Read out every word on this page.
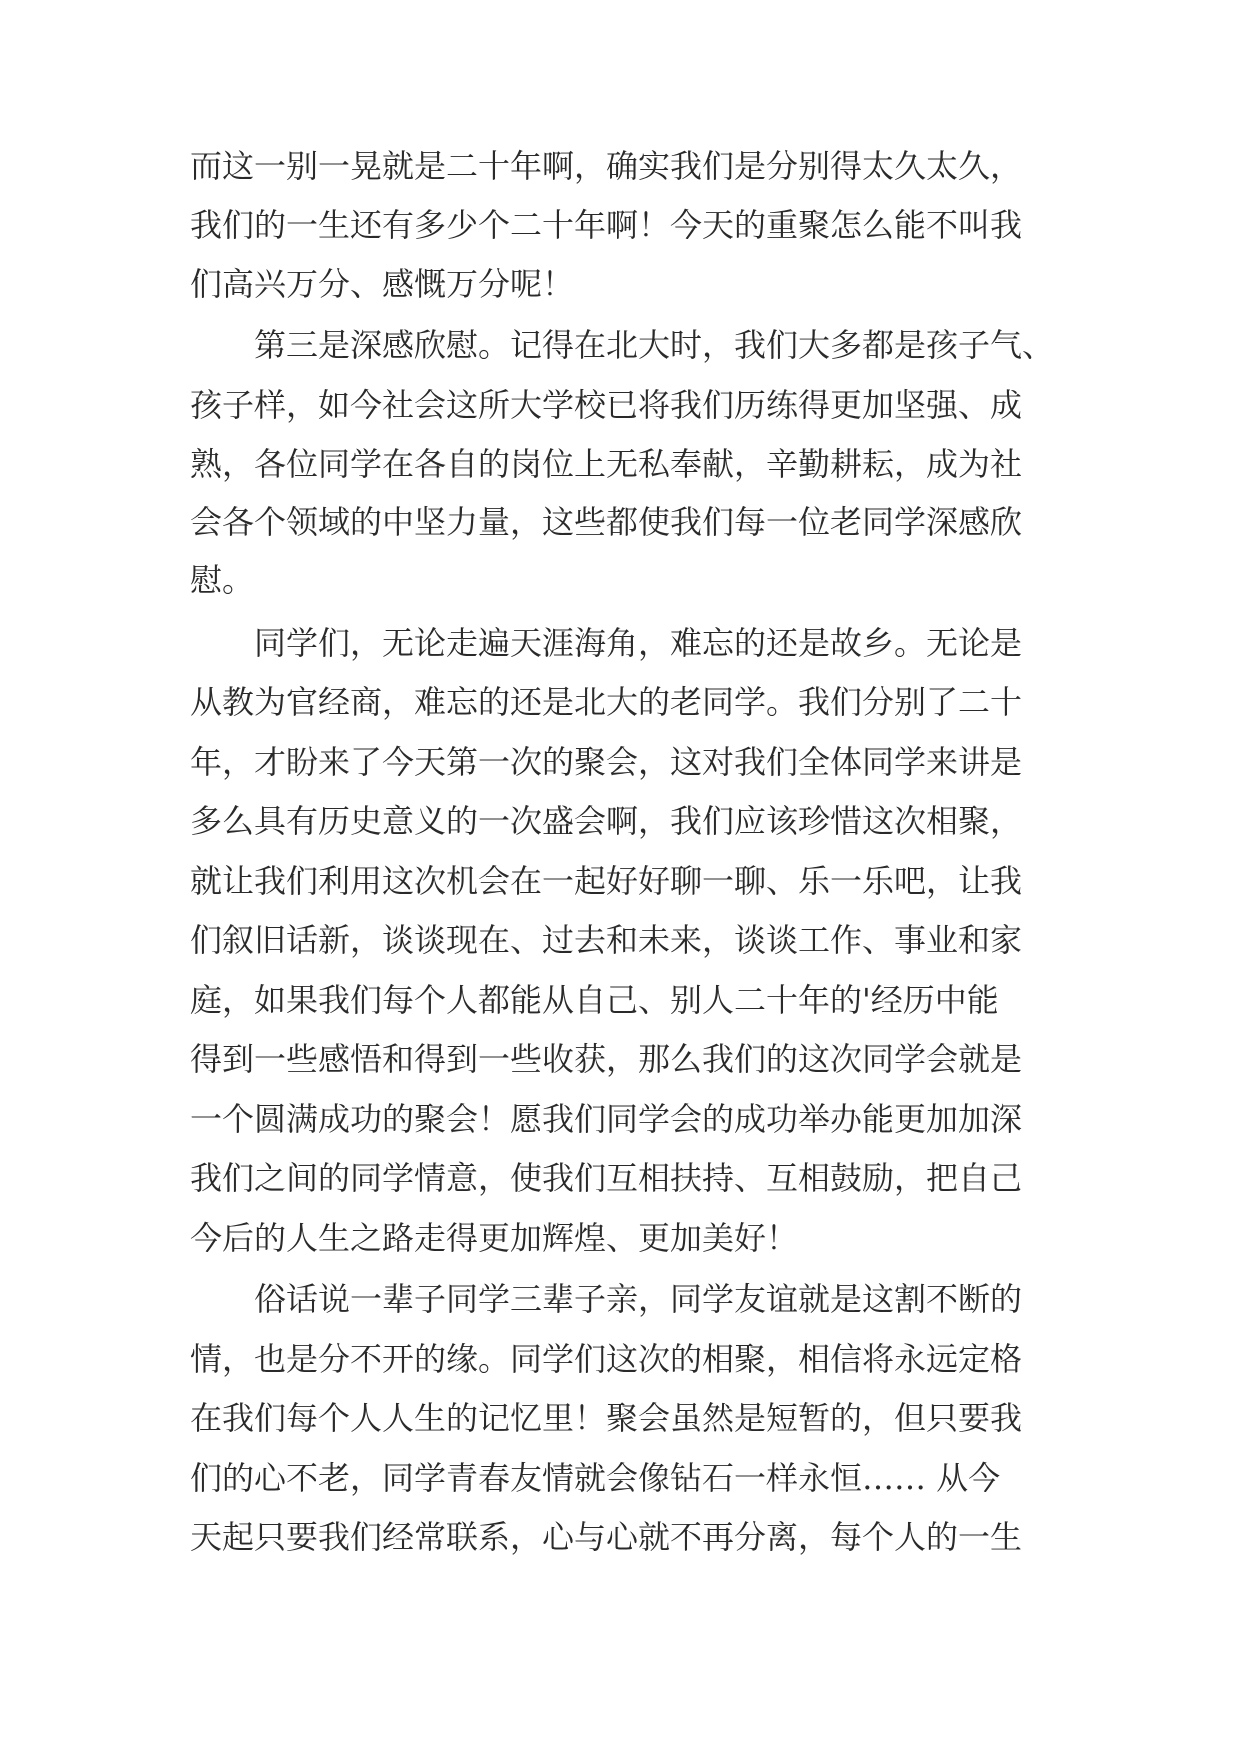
而这一别一晃就是二十年啊，确实我们是分别得太久太久，

我们的一生还有多少个二十年啊！今天的重聚怎么能不叫我

们高兴万分、感慨万分呢！

第三是深感欣慰。记得在北大时，我们大多都是孩子气、

孩子样，如今社会这所大学校已将我们历练得更加坚强、成

熟，各位同学在各自的岗位上无私奉献，辛勤耕耘，成为社

会各个领域的中坚力量，这些都使我们每一位老同学深感欣

慰。

同学们，无论走遍天涯海角，难忘的还是故乡。无论是

从教为官经商，难忘的还是北大的老同学。我们分别了二十

年，才盼来了今天第一次的聚会，这对我们全体同学来讲是

多么具有历史意义的一次盛会啊，我们应该珍惜这次相聚，

就让我们利用这次机会在一起好好聊一聊、乐一乐吧，让我

们叙旧话新，谈谈现在、过去和未来，谈谈工作、事业和家

庭，如果我们每个人都能从自己、别人二十年的'经历中能

得到一些感悟和得到一些收获，那么我们的这次同学会就是

一个圆满成功的聚会！愿我们同学会的成功举办能更加加深

我们之间的同学情意，使我们互相扶持、互相鼓励，把自己

今后的人生之路走得更加辉煌、更加美好！

俗话说一辈子同学三辈子亲，同学友谊就是这割不断的

情，也是分不开的缘。同学们这次的相聚，相信将永远定格

在我们每个人人生的记忆里！聚会虽然是短暂的，但只要我

们的心不老，同学青春友情就会像钻石一样永恒…… 从今

天起只要我们经常联系，心与心就不再分离，每个人的一生
